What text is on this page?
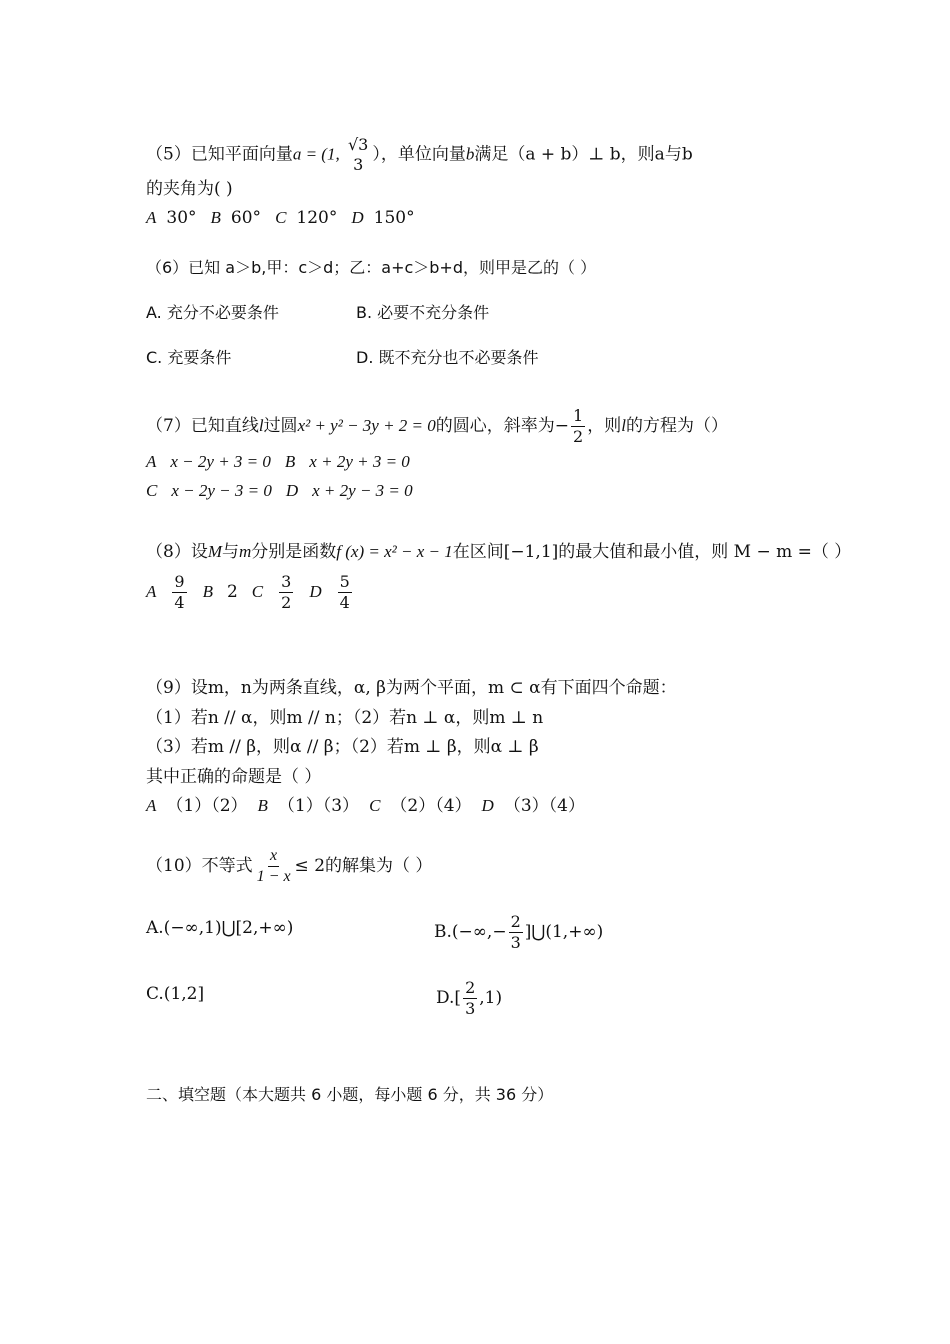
（5）已知平面向量a = (1, √3
3 ），单位向量b满足（a + b）⊥ b，则a与b
的夹角为( )
A 30° B 60° C 120° D 150°
（6）已知 a＞b,甲：c＞d；乙：a+c＞b+d，则甲是乙的（ ）
A. 充分不必要条件	B. 必要不充分条件
C. 充要条件	D. 既不充分也不必要条件
（7）已知直线l过圆x² + y² − 3y + 2 = 0的圆心，斜率为− $\frac{1}{2}$ ，则l的方程为（）
A x − 2y + 3 = 0 B x + 2y + 3 = 0
C x − 2y − 3 = 0 D x + 2y − 3 = 0
（8）设M与m分别是函数f (x) = x² − x − 1在区间[−1,1]的最大值和最小值，则 M − m =（ ）
A $\frac{9}{4}$ B 2 C $\frac{3}{2}$ D $\frac{5}{4}$
（9）设m，n为两条直线，α, β为两个平面，m ⊂ α有下面四个命题：
（1）若n // α，则m // n；（2）若n ⊥ α，则m ⊥ n
（3）若m // β，则α // β；（2）若m ⊥ β，则α ⊥ β
其中正确的命题是（ ）
A （1）（2） B （1）（3） C （2）（4） D （3）（4）
（10）不等式 $\frac{x}{1 - x} \le 2$的解集为（ ）
A.(−∞,1)⋃[2,+∞)	$B.(-\infty,- \frac{2}{3}$ ]⋃(1,+∞)
C.(1,2]	$D.[ \frac{2}{3} ,1)$
二、填空题（本大题共 6 小题，每小题 6 分，共 36 分）
